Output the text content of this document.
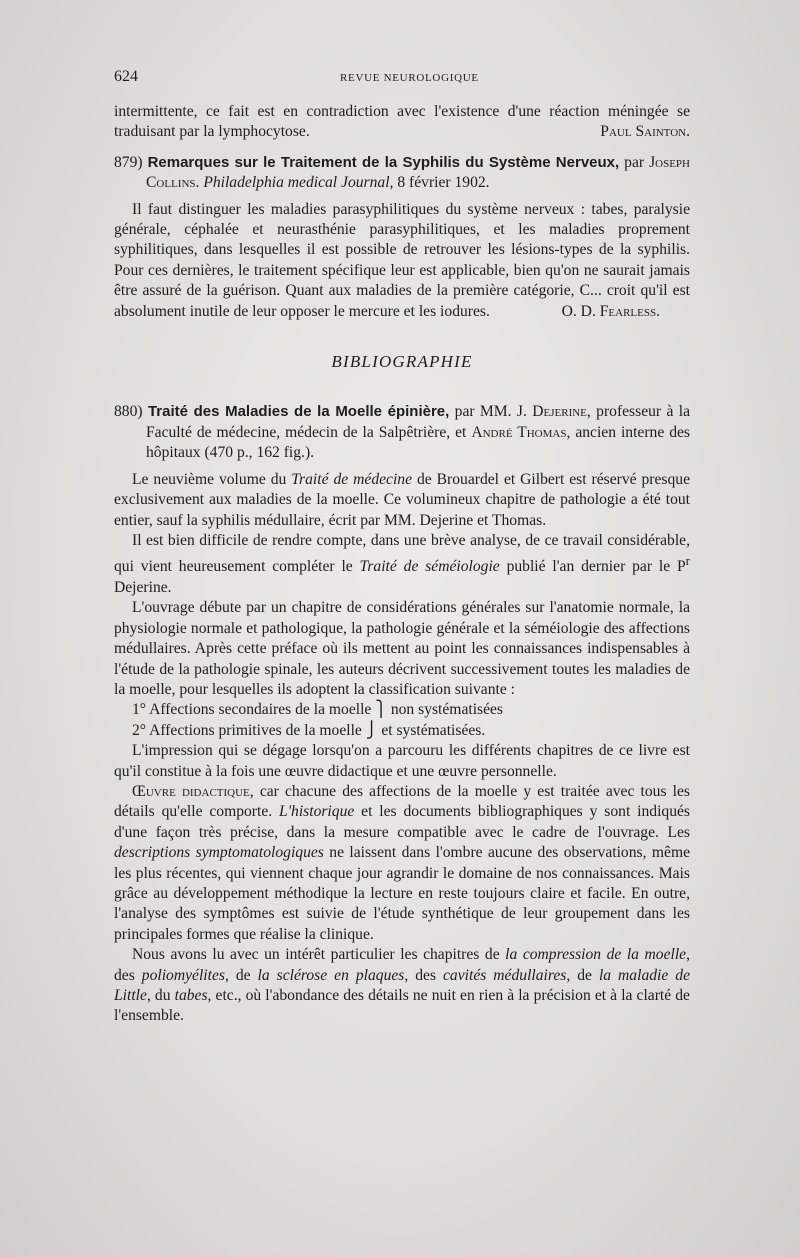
624	REVUE NEUROLOGIQUE

intermittente, ce fait est en contradiction avec l'existence d'une réaction méningée se traduisant par la lymphocytose.	Paul Sainton.

879) Remarques sur le Traitement de la Syphilis du Système Nerveux, par Joseph Collins. Philadelphia medical Journal, 8 février 1902.

Il faut distinguer les maladies parasyphilitiques du système nerveux : tabes, paralysie générale, céphalée et neurasthénie parasyphilitiques, et les maladies proprement syphilitiques, dans lesquelles il est possible de retrouver les lésions-types de la syphilis. Pour ces dernières, le traitement spécifique leur est applicable, bien qu'on ne saurait jamais être assuré de la guérison. Quant aux maladies de la première catégorie, C... croit qu'il est absolument inutile de leur opposer le mercure et les iodures.	O. D. Fearless.

BIBLIOGRAPHIE

880) Traité des Maladies de la Moelle épinière, par MM. J. Dejerine, professeur à la Faculté de médecine, médecin de la Salpêtrière, et André Thomas, ancien interne des hôpitaux (470 p., 162 fig.).

Le neuvième volume du Traité de médecine de Brouardel et Gilbert est réservé presque exclusivement aux maladies de la moelle. Ce volumineux chapitre de pathologie a été tout entier, sauf la syphilis médullaire, écrit par MM. Dejerine et Thomas.

Il est bien difficile de rendre compte, dans une brève analyse, de ce travail considérable, qui vient heureusement compléter le Traité de séméiologie publié l'an dernier par le $P^r$ Dejerine.

L'ouvrage débute par un chapitre de considérations générales sur l'anatomie normale, la physiologie normale et pathologique, la pathologie générale et la séméiologie des affections médullaires. Après cette préface où ils mettent au point les connaissances indispensables à l'étude de la pathologie spinale, les auteurs décrivent successivement toutes les maladies de la moelle, pour lesquelles ils adoptent la classification suivante :

1° Affections secondaires de la moelle ⎫ non systématisées

2° Affections primitives de la moelle ⎭ et systématisées.

L'impression qui se dégage lorsqu'on a parcouru les différents chapitres de ce livre est qu'il constitue à la fois une œuvre didactique et une œuvre personnelle.

Œuvre didactique, car chacune des affections de la moelle y est traitée avec tous les détails qu'elle comporte. L'historique et les documents bibliographiques y sont indiqués d'une façon très précise, dans la mesure compatible avec le cadre de l'ouvrage. Les descriptions symptomatologiques ne laissent dans l'ombre aucune des observations, même les plus récentes, qui viennent chaque jour agrandir le domaine de nos connaissances. Mais grâce au développement méthodique la lecture en reste toujours claire et facile. En outre, l'analyse des symptômes est suivie de l'étude synthétique de leur groupement dans les principales formes que réalise la clinique.

Nous avons lu avec un intérêt particulier les chapitres de la compression de la moelle, des poliomyélites, de la sclérose en plaques, des cavités médullaires, de la maladie de Little, du tabes, etc., où l'abondance des détails ne nuit en rien à la précision et à la clarté de l'ensemble.
